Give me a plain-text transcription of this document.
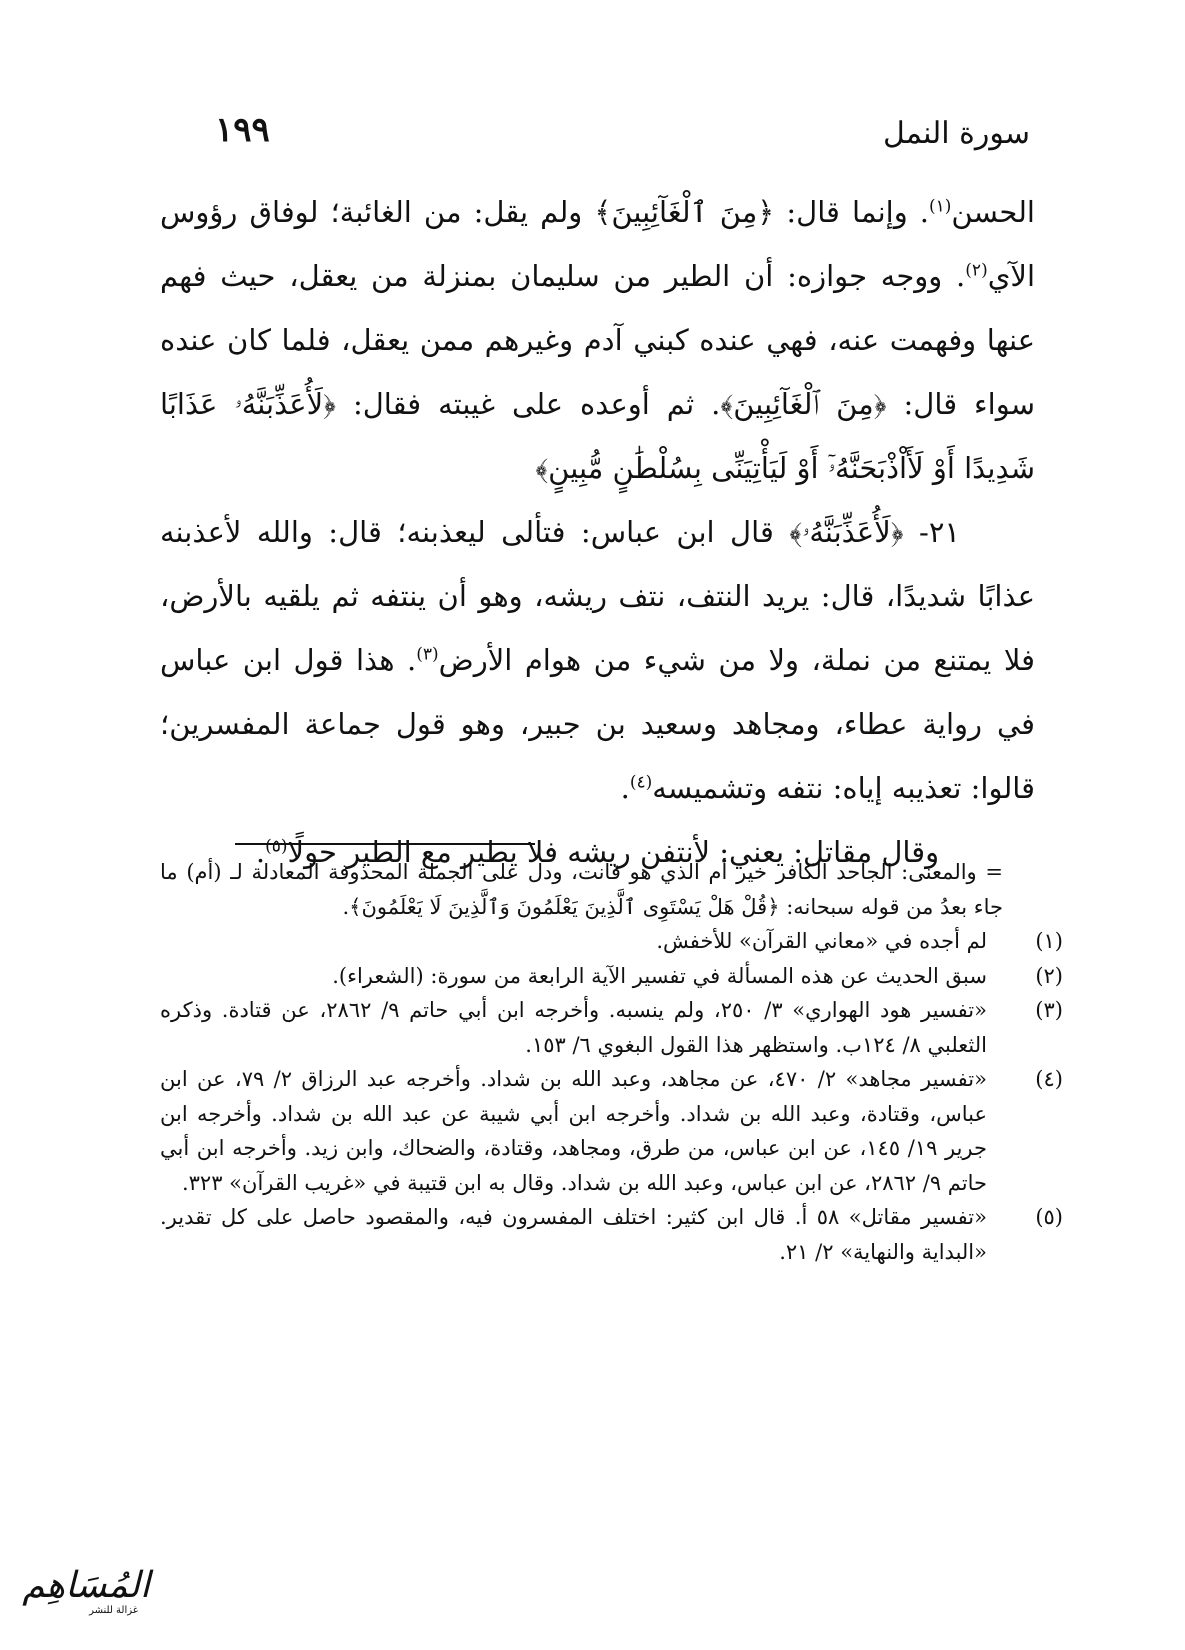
سورة النمل
١٩٩

الحسن$^{(١)}$. وإنما قال: ﴿مِنَ ٱلْغَآئِبِينَ﴾ ولم يقل: من الغائبة؛ لوفاق رؤوس الآي$^{(٢)}$. ووجه جوازه: أن الطير من سليمان بمنزلة من يعقل، حيث فهم عنها وفهمت عنه، فهي عنده كبني آدم وغيرهم ممن يعقل، فلما كان عنده سواء قال: ﴿مِنَ ٱلْغَآئِبِينَ﴾. ثم أوعده على غيبته فقال: ﴿لَأُعَذِّبَنَّهُۥ عَذَابًا شَدِيدًا أَوْ لَأَاْذْبَحَنَّهُۥٓ أَوْ لَيَأْتِيَنِّى بِسُلْطَٰنٍ مُّبِينٍ﴾

٢١- ﴿لَأُعَذِّبَنَّهُۥ﴾ قال ابن عباس: فتألى ليعذبنه؛ قال: والله لأعذبنه عذابًا شديدًا، قال: يريد النتف، نتف ريشه، وهو أن ينتفه ثم يلقيه بالأرض، فلا يمتنع من نملة، ولا من شيء من هوام الأرض$^{(٣)}$. هذا قول ابن عباس في رواية عطاء، ومجاهد وسعيد بن جبير، وهو قول جماعة المفسرين؛ قالوا: تعذيبه إياه: نتفه وتشميسه$^{(٤)}$.

وقال مقاتل: يعني: لأنتفن ريشه فلا يطير مع الطير حولًا$^{(٥)}$.

= والمعنى: الجاحد الكافر خير أم الذي هو قانت، ودل على الجملة المحذوفة المعادلة لـ (أم) ما جاء بعدُ من قوله سبحانه: ﴿قُلْ هَلْ يَسْتَوِى ٱلَّذِينَ يَعْلَمُونَ وَٱلَّذِينَ لَا يَعْلَمُونَ﴾.

(١)لم أجده في «معاني القرآن» للأخفش.

(٢)سبق الحديث عن هذه المسألة في تفسير الآية الرابعة من سورة: (الشعراء).

(٣)«تفسير هود الهواري» ٣/ ٢٥٠، ولم ينسبه. وأخرجه ابن أبي حاتم ٩/ ٢٨٦٢، عن قتادة. وذكره الثعلبي ٨/ ١٢٤ب. واستظهر هذا القول البغوي ٦/ ١٥٣.

(٤)«تفسير مجاهد» ٢/ ٤٧٠، عن مجاهد، وعبد الله بن شداد. وأخرجه عبد الرزاق ٢/ ٧٩، عن ابن عباس، وقتادة، وعبد الله بن شداد. وأخرجه ابن أبي شيبة عن عبد الله بن شداد. وأخرجه ابن جرير ١٩/ ١٤٥، عن ابن عباس، من طرق، ومجاهد، وقتادة، والضحاك، وابن زيد. وأخرجه ابن أبي حاتم ٩/ ٢٨٦٢، عن ابن عباس، وعبد الله بن شداد. وقال به ابن قتيبة في «غريب القرآن» ٣٢٣.

(٥)«تفسير مقاتل» ٥٨ أ. قال ابن كثير: اختلف المفسرون فيه، والمقصود حاصل على كل تقدير. «البداية والنهاية» ٢/ ٢١.

المُسَاهِم
غزالة للنشر
